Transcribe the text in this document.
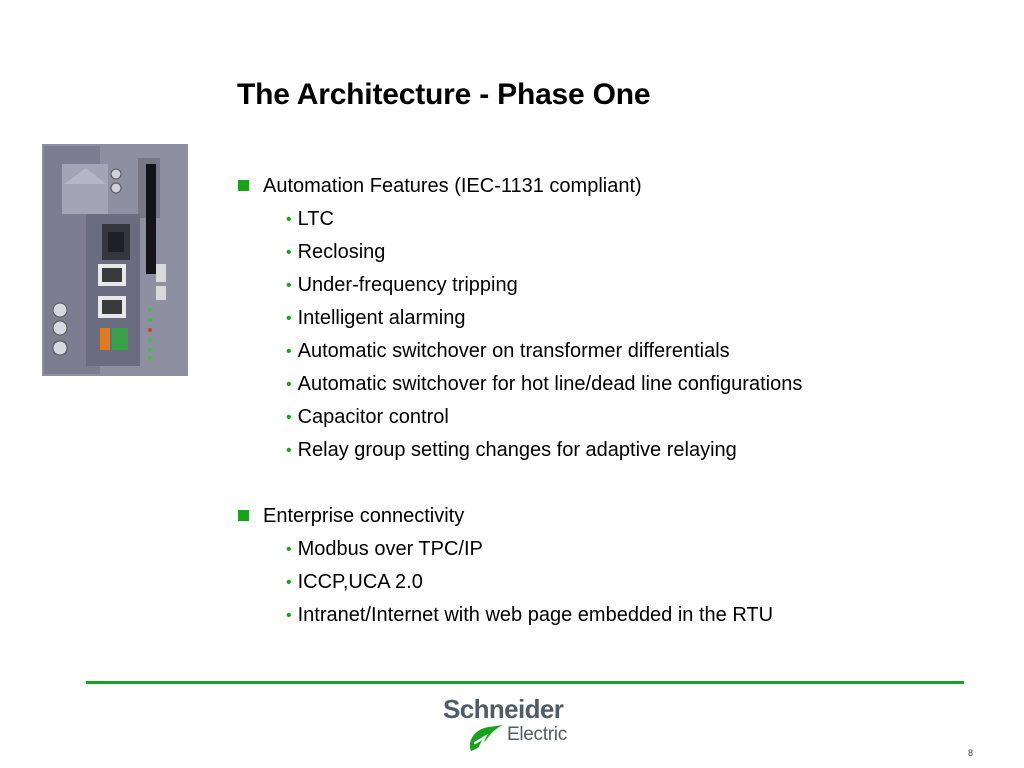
The Architecture - Phase One
Automation Features (IEC-1131 compliant)
• LTC
• Reclosing
• Under-frequency tripping
• Intelligent alarming
• Automatic switchover on transformer differentials
• Automatic switchover for hot line/dead line configurations
• Capacitor control
• Relay group setting changes for adaptive relaying
Enterprise connectivity
• Modbus over TPC/IP
• ICCP,UCA 2.0
• Intranet/Internet with web page embedded in the RTU
Schneider
Electric
8
